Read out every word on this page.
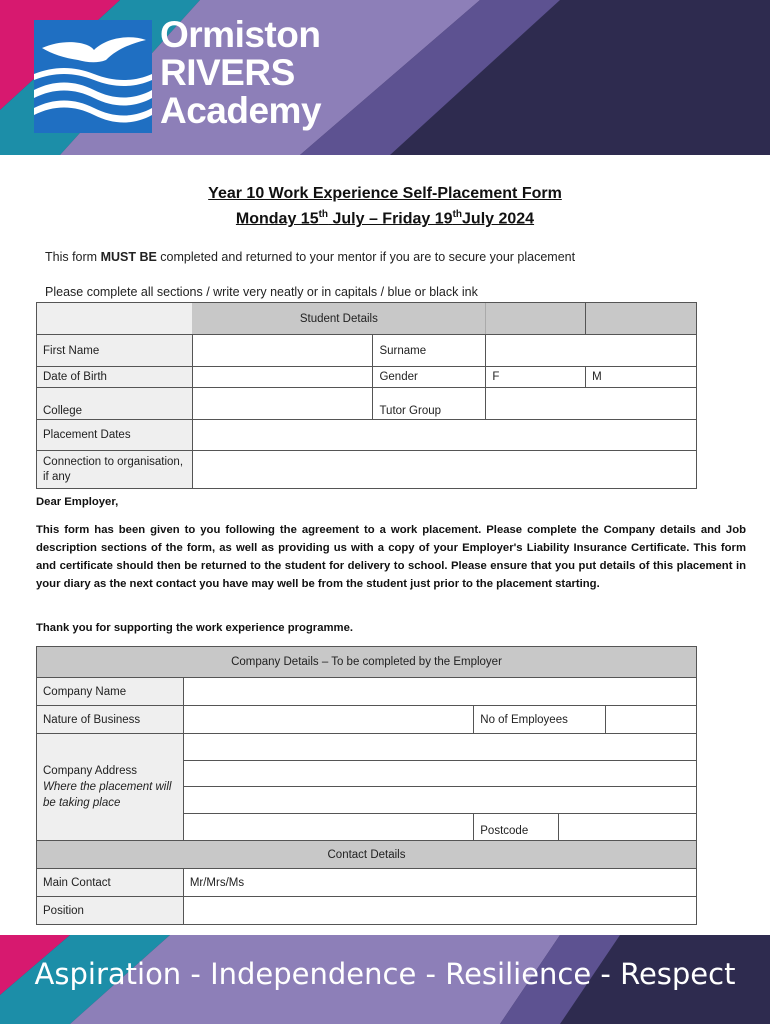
Ormiston
RIVERS
Academy
Year 10 Work Experience Self-Placement Form
Monday 15th July – Friday 19thJuly 2024
This form MUST BE completed and returned to your mentor if you are to secure your placement
Please complete all sections / write very neatly or in capitals / blue or black ink
	Student Details			
First Name		Surname		
Date of Birth		Gender	F	M
College		Tutor Group		
Placement Dates				
Connection to organisation, if any				
Dear Employer,
This form has been given to you following the agreement to a work placement. Please complete the Company details and Job description sections of the form, as well as providing us with a copy of your Employer's Liability Insurance Certificate. This form and certificate should then be returned to the student for delivery to school. Please ensure that you put details of this placement in your diary as the next contact you have may well be from the student just prior to the placement starting.
Thank you for supporting the work experience programme.
Company Details – To be completed by the Employer				
Company Name				
Nature of Business		No of Employees		

Company Address
Where the placement will be taking place				

		Postcode		
Contact Details				
Main Contact	Mr/Mrs/Ms			
Position				
Aspiration - Independence - Resilience - Respect
